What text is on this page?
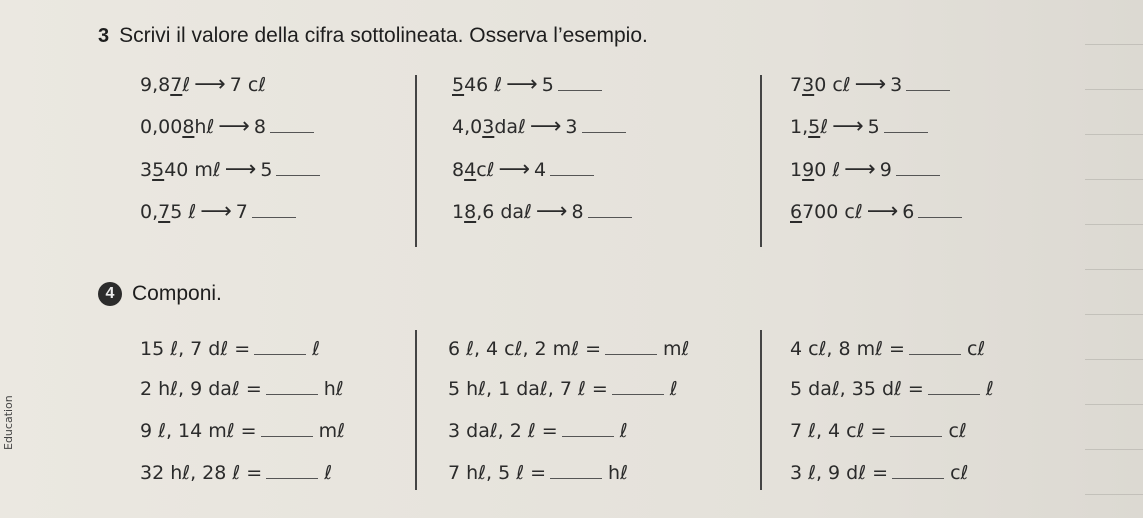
3 Scrivi il valore della cifra sottolineata. Osserva l’esempio.
9,8 7 ℓ ⟶ 7 cℓ
0,00 8 hℓ ⟶ 8
3 5 40 mℓ ⟶ 5
0, 7 5 ℓ ⟶ 7
5 46 ℓ ⟶ 5
4,0 3 daℓ ⟶ 3
8 4 cℓ ⟶ 4
1 8 ,6 daℓ ⟶ 8
7 3 0 cℓ ⟶ 3
1, 5 ℓ ⟶ 5
1 9 0 ℓ ⟶ 9
6 700 cℓ ⟶ 6
4 Componi.
15 ℓ, 7 dℓ =	ℓ
2 hℓ, 9 daℓ =	hℓ
9 ℓ, 14 mℓ =	mℓ
32 hℓ, 28 ℓ =	ℓ
6 ℓ, 4 cℓ, 2 mℓ =	mℓ
5 hℓ, 1 daℓ, 7 ℓ =	ℓ
3 daℓ, 2 ℓ =	ℓ
7 hℓ, 5 ℓ =	hℓ
4 cℓ, 8 mℓ =	cℓ
5 daℓ, 35 dℓ =	ℓ
7 ℓ, 4 cℓ =	cℓ
3 ℓ, 9 dℓ =	cℓ
Education
